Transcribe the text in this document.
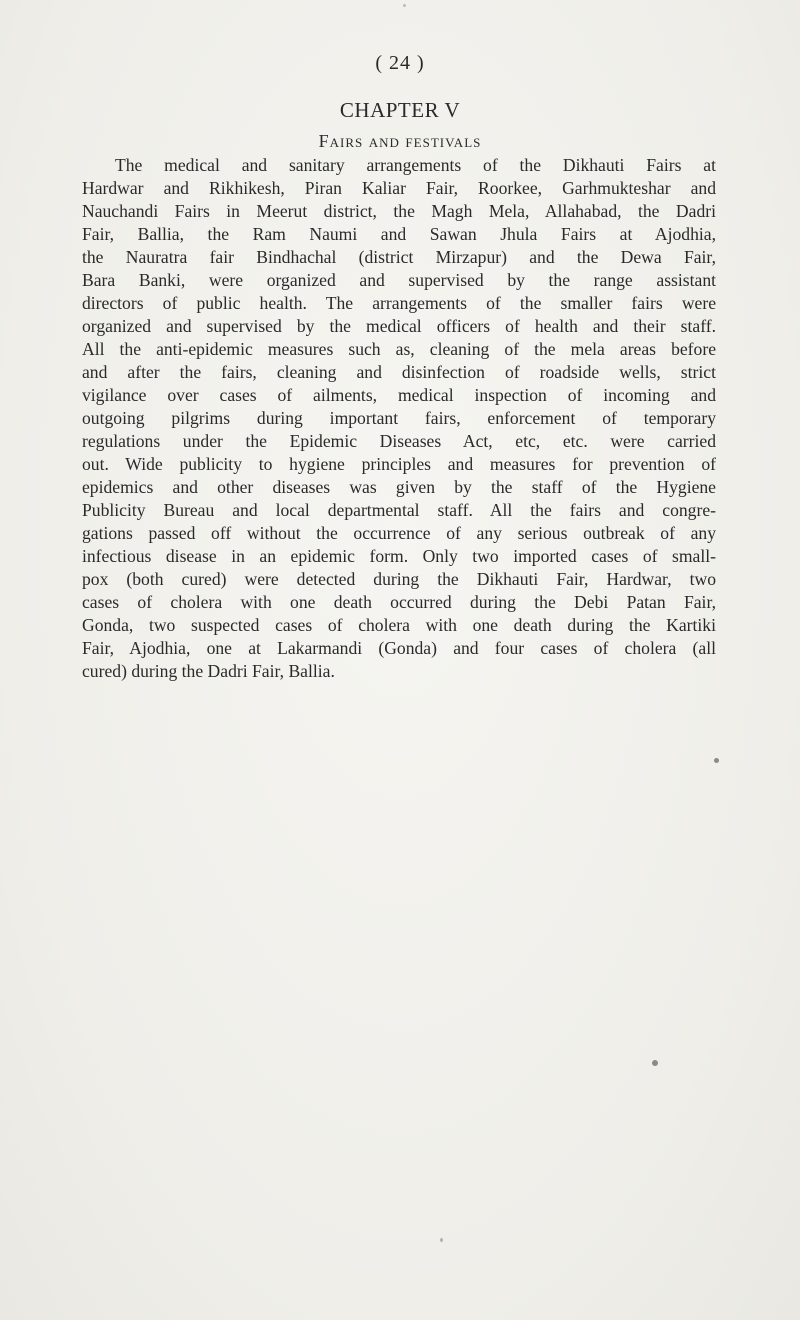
( 24 )
CHAPTER V
Fairs and festivals
The medical and sanitary arrangements of the Dikhauti Fairs at
Hardwar and Rikhikesh, Piran Kaliar Fair, Roorkee, Garhmukteshar and
Nauchandi Fairs in Meerut district, the Magh Mela, Allahabad, the Dadri
Fair, Ballia, the Ram Naumi and Sawan Jhula Fairs at Ajodhia,
the Nauratra fair Bindhachal (district Mirzapur) and the Dewa Fair,
Bara Banki, were organized and supervised by the range assistant
directors of public health. The arrangements of the smaller fairs were
organized and supervised by the medical officers of health and their staff.
All the anti-epidemic measures such as, cleaning of the mela areas before
and after the fairs, cleaning and disinfection of roadside wells, strict
vigilance over cases of ailments, medical inspection of incoming and
outgoing pilgrims during important fairs, enforcement of temporary
regulations under the Epidemic Diseases Act, etc, etc. were carried
out. Wide publicity to hygiene principles and measures for prevention of
epidemics and other diseases was given by the staff of the Hygiene
Publicity Bureau and local departmental staff. All the fairs and congre-
gations passed off without the occurrence of any serious outbreak of any
infectious disease in an epidemic form. Only two imported cases of small-
pox (both cured) were detected during the Dikhauti Fair, Hardwar, two
cases of cholera with one death occurred during the Debi Patan Fair,
Gonda, two suspected cases of cholera with one death during the Kartiki
Fair, Ajodhia, one at Lakarmandi (Gonda) and four cases of cholera (all
cured) during the Dadri Fair, Ballia.
